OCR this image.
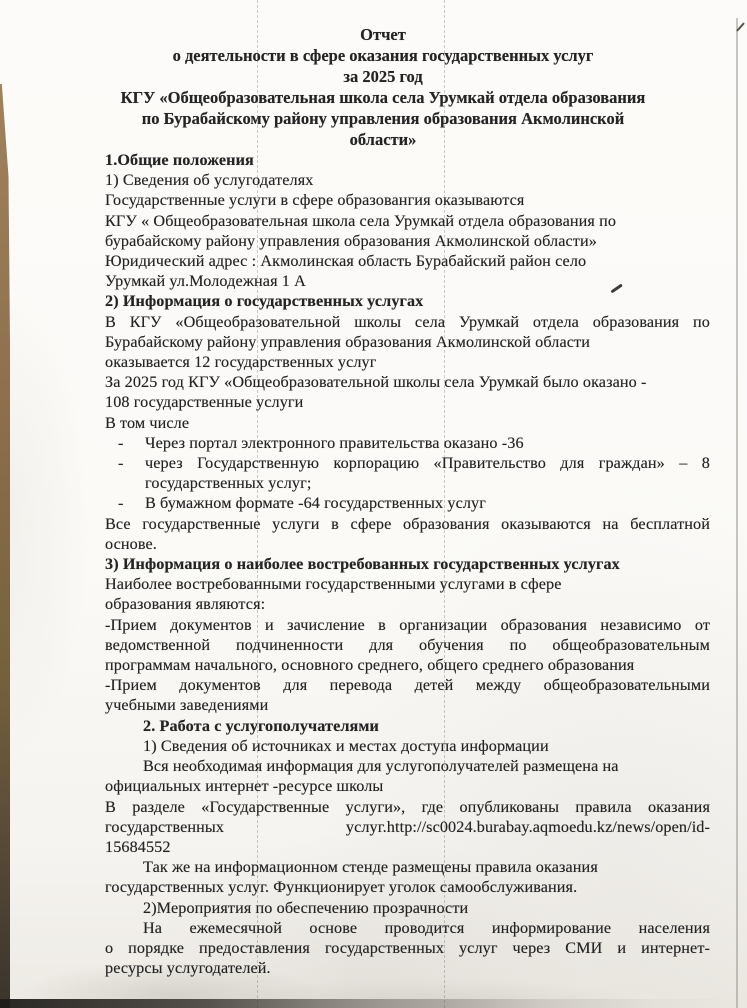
Отчет
о деятельности в сфере оказания государственных услуг
за 2025 год
КГУ «Общеобразовательная школа села Урумкай отдела образования
по Бурабайскому району управления образования Акмолинской
области»
1.Общие положения
1) Сведения об услугодателях
Государственные услуги в сфере образовангия оказываются
КГУ « Общеобразовательная школа села Урумкай отдела образования по
бурабайскому району управления образования Акмолинской области»
Юридический адрес : Акмолинская область Бурабайский район село
Урумкай ул.Молодежная 1 А
2) Информация о государственных услугах
В КГУ «Общеобразовательной школы села Урумкай отдела образования по
Бурабайскому району управления образования Акмолинской области
оказывается 12 государственных услуг
За 2025 год КГУ «Общеобразовательной школы села Урумкай было оказано -
108 государственные услуги
В том числе
-	Через портал электронного правительства оказано -36
-	через Государственную корпорацию «Правительство для граждан» – 8
государственных услуг;
-	В бумажном формате -64 государственных услуг
Все государственные услуги в сфере образования оказываются на бесплатной
основе.
3) Информация о наиболее востребованных государственных услугах
Наиболее востребованными государственными услугами в сфере
образования являются:
-Прием документов и зачисление в организации образования независимо от
ведомственной подчиненности для обучения по общеобразовательным
программам начального, основного среднего, общего среднего образования
-Прием документов для перевода детей между общеобразовательными
учебными заведениями
2. Работа с услугополучателями
1) Сведения об источниках и местах доступа информации
Вся необходимая информация для услугополучателей размещена на
официальных интернет -ресурсе школы
В разделе «Государственные услуги», где опубликованы правила оказания
государственных услуг.http://sc0024.burabay.aqmoedu.kz/news/open/id-
15684552
Так же на информационном стенде размещены правила оказания
государственных услуг. Функционирует уголок самообслуживания.
2)Мероприятия по обеспечению прозрачности
На ежемесячной основе проводится информирование населения
о порядке предоставления государственных услуг через СМИ и интернет-
ресурсы услугодателей.
